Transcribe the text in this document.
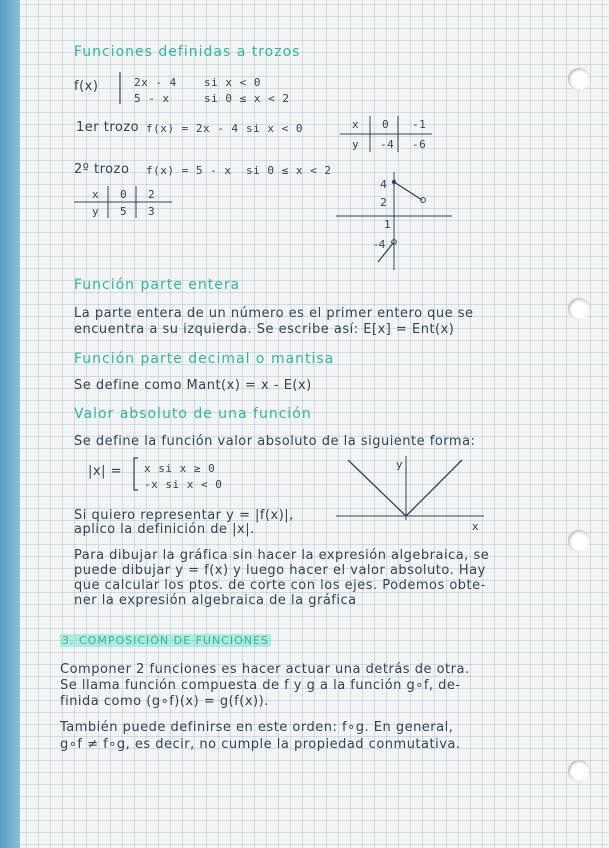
Funciones definidas a trozos
f(x)	2x - 4 si x < 0
5 - x	si 0 ≤ x < 2
1er trozo f(x) = 2x - 4 si x < 0	x 0 -1
y -4 -6
2º trozo f(x) = 5 - x si 0 ≤ x < 2
x 0 2
y 5 3
4
2
1
-4
Función parte entera
La parte entera de un número es el primer entero que se
encuentra a su izquierda. Se escribe así: E[x] = Ent(x)
Función parte decimal o mantisa
Se define como Mant(x) = x - E(x)
Valor absoluto de una función
Se define la función valor absoluto de la siguiente forma:
|x| = x si x ≥ 0
-x si x < 0
y
x
Si quiero representar y = |f(x)|,
aplico la definición de |x|.
Para dibujar la gráfica sin hacer la expresión algebraica, se
puede dibujar y = f(x) y luego hacer el valor absoluto. Hay
que calcular los ptos. de corte con los ejes. Podemos obte-
ner la expresión algebraica de la gráfica
3. COMPOSICIÓN DE FUNCIONES
Componer 2 funciones es hacer actuar una detrás de otra.
Se llama función compuesta de f y g a la función g∘f, de-
finida como (g∘f)(x) = g(f(x)).
También puede definirse en este orden: f∘g. En general,
g∘f ≠ f∘g, es decir, no cumple la propiedad conmutativa.
